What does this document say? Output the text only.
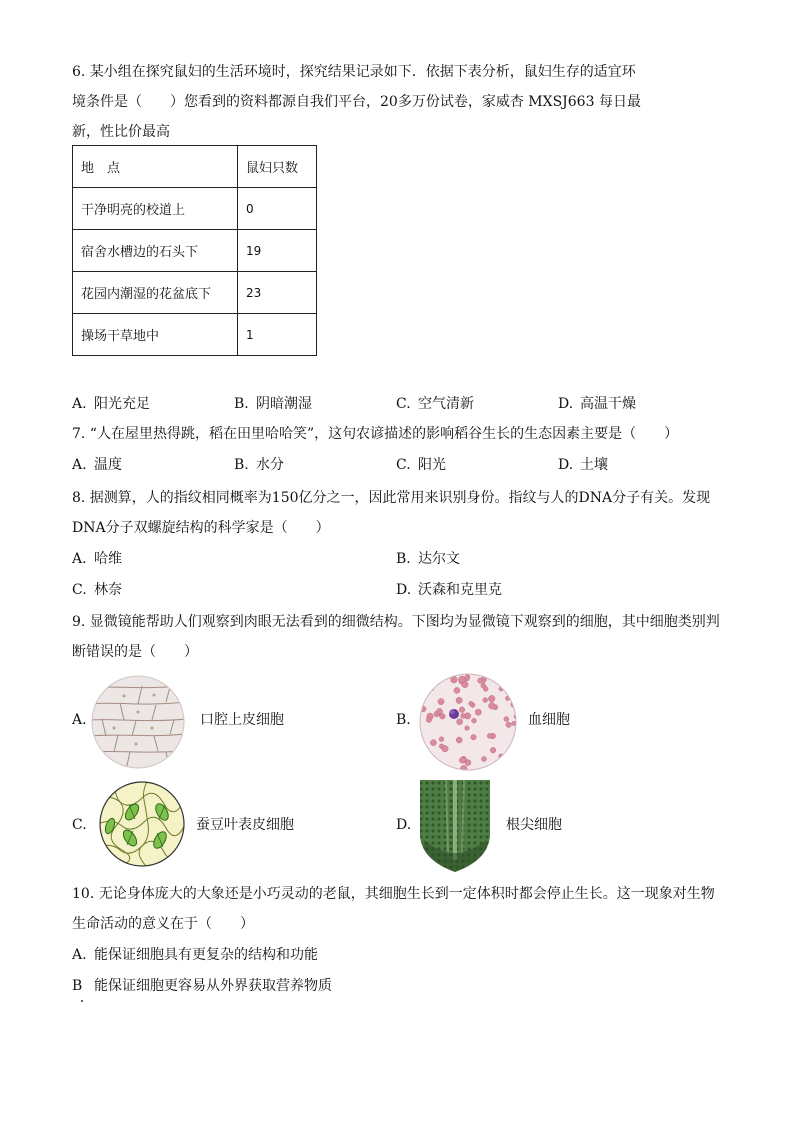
6. 某小组在探究鼠妇的生活环境时，探究结果记录如下．依据下表分析，鼠妇生存的适宜环
境条件是（　　）您看到的资料都源自我们平台，20多万份试卷，家威杏 MXSJ663 每日最
新，性比价最高
地　点	鼠妇只数
干净明亮的校道上	0
宿舍水槽边的石头下	19
花园内潮湿的花盆底下	23
操场干草地中	1
A. 阳光充足	B. 阴暗潮湿	C. 空气清新	D. 高温干燥
7. “人在屋里热得跳，稻在田里哈哈笑”，这句农谚描述的影响稻谷生长的生态因素主要是（　　）
A. 温度	B. 水分	C. 阳光	D. 土壤
8. 据测算，人的指纹相同概率为150亿分之一，因此常用来识别身份。指纹与人的DNA分子有关。发现
DNA分子双螺旋结构的科学家是（　　）
A. 哈维	B. 达尔文
C. 林奈	D. 沃森和克里克
9. 显微镜能帮助人们观察到肉眼无法看到的细微结构。下图均为显微镜下观察到的细胞，其中细胞类别判
断错误的是（　　）
A.	口腔上皮细胞	B.	血细胞
C.	蚕豆叶表皮细胞	D.	根尖细胞
10. 无论身体庞大的大象还是小巧灵动的老鼠，其细胞生长到一定体积时都会停止生长。这一现象对生物
生命活动的意义在于（　　）
A. 能保证细胞具有更复杂的结构和功能
B 能保证细胞更容易从外界获取营养物质
